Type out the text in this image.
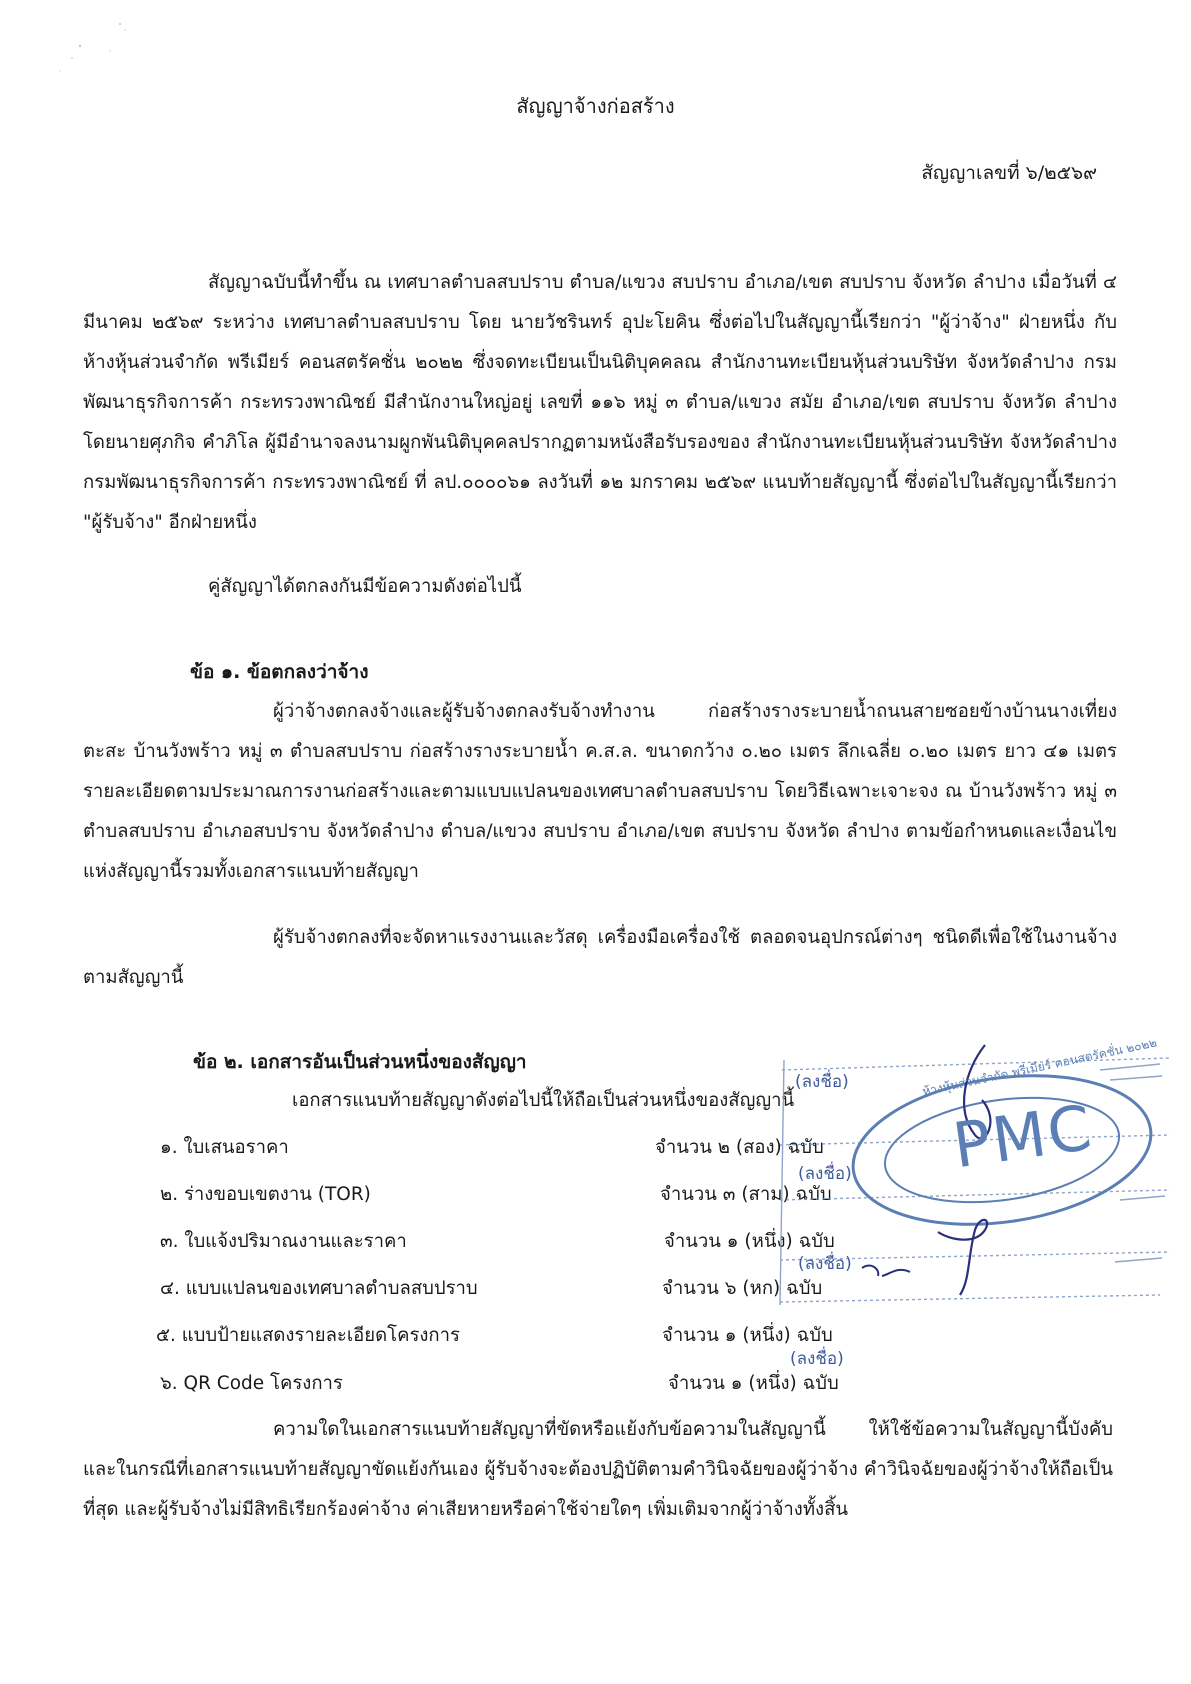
สัญญาจ้างก่อสร้าง
สัญญาเลขที่ ๖/๒๕๖๙

สัญญาฉบับนี้ทำขึ้น ณ เทศบาลตำบลสบปราบ ตำบล/แขวง สบปราบ อำเภอ/เขต สบปราบ จังหวัด ลำปาง เมื่อวันที่ ๔ มีนาคม ๒๕๖๙ ระหว่าง เทศบาลตำบลสบปราบ โดย นายวัชรินทร์ อุปะโยคิน ซึ่งต่อไปในสัญญานี้เรียกว่า "ผู้ว่าจ้าง" ฝ่ายหนึ่ง กับ ห้างหุ้นส่วนจำกัด พรีเมียร์ คอนสตรัคชั่น ๒๐๒๒ ซึ่งจดทะเบียนเป็นนิติบุคคลณ สำนักงานทะเบียนหุ้นส่วนบริษัท จังหวัดลำปาง กรมพัฒนาธุรกิจการค้า กระทรวงพาณิชย์ มีสำนักงานใหญ่อยู่ เลขที่ ๑๑๖ หมู่ ๓ ตำบล/แขวง สมัย อำเภอ/เขต สบปราบ จังหวัด ลำปาง โดยนายศุภกิจ คำภิโล ผู้มีอำนาจลงนามผูกพันนิติบุคคลปรากฏตามหนังสือรับรองของ สำนักงานทะเบียนหุ้นส่วนบริษัท จังหวัดลำปาง กรมพัฒนาธุรกิจการค้า กระทรวงพาณิชย์ ที่ ลป.๐๐๐๐๖๑ ลงวันที่ ๑๒ มกราคม ๒๕๖๙ แนบท้ายสัญญานี้ ซึ่งต่อไปในสัญญานี้เรียกว่า "ผู้รับจ้าง" อีกฝ่ายหนึ่ง

คู่สัญญาได้ตกลงกันมีข้อความดังต่อไปนี้
ข้อ ๑. ข้อตกลงว่าจ้าง

ผู้ว่าจ้างตกลงจ้างและผู้รับจ้างตกลงรับจ้างทำงาน ก่อสร้างรางระบายน้ำถนนสายซอยข้างบ้านนางเที่ยง ตะสะ บ้านวังพร้าว หมู่ ๓ ตำบลสบปราบ ก่อสร้างรางระบายน้ำ ค.ส.ล. ขนาดกว้าง ๐.๒๐ เมตร ลึกเฉลี่ย ๐.๒๐ เมตร ยาว ๔๑ เมตร รายละเอียดตามประมาณการงานก่อสร้างและตามแบบแปลนของเทศบาลตำบลสบปราบ โดยวิธีเฉพาะเจาะจง ณ บ้านวังพร้าว หมู่ ๓ ตำบลสบปราบ อำเภอสบปราบ จังหวัดลำปาง ตำบล/แขวง สบปราบ อำเภอ/เขต สบปราบ จังหวัด ลำปาง ตามข้อกำหนดและเงื่อนไขแห่งสัญญานี้รวมทั้งเอกสารแนบท้ายสัญญา

ผู้รับจ้างตกลงที่จะจัดหาแรงงานและวัสดุ เครื่องมือเครื่องใช้ ตลอดจนอุปกรณ์ต่างๆ ชนิดดีเพื่อใช้ในงานจ้างตามสัญญานี้

ข้อ ๒. เอกสารอันเป็นส่วนหนึ่งของสัญญา
เอกสารแนบท้ายสัญญาดังต่อไปนี้ให้ถือเป็นส่วนหนึ่งของสัญญานี้
๑. ใบเสนอราคา	จำนวน ๒ (สอง) ฉบับ
๒. ร่างขอบเขตงาน (TOR)	จำนวน ๓ (สาม) ฉบับ
๓. ใบแจ้งปริมาณงานและราคา	จำนวน ๑ (หนึ่ง) ฉบับ
๔. แบบแปลนของเทศบาลตำบลสบปราบ	จำนวน ๖ (หก) ฉบับ
๕. แบบป้ายแสดงรายละเอียดโครงการ	จำนวน ๑ (หนึ่ง) ฉบับ
๖. QR Code โครงการ	จำนวน ๑ (หนึ่ง) ฉบับ

ความใดในเอกสารแนบท้ายสัญญาที่ขัดหรือแย้งกับข้อความในสัญญานี้ ให้ใช้ข้อความในสัญญานี้บังคับ และในกรณีที่เอกสารแนบท้ายสัญญาขัดแย้งกันเอง ผู้รับจ้างจะต้องปฏิบัติตามคำวินิจฉัยของผู้ว่าจ้าง คำวินิจฉัยของผู้ว่าจ้างให้ถือเป็นที่สุด และผู้รับจ้างไม่มีสิทธิเรียกร้องค่าจ้าง ค่าเสียหายหรือค่าใช้จ่ายใดๆ เพิ่มเติมจากผู้ว่าจ้างทั้งสิ้น

PMC
ห้างหุ้นส่วนจำกัด พรีเมียร์ คอนสตรัคชั่น ๒๐๒๒
(ลงชื่อ)
(ลงชื่อ)
(ลงชื่อ)
(ลงชื่อ)
